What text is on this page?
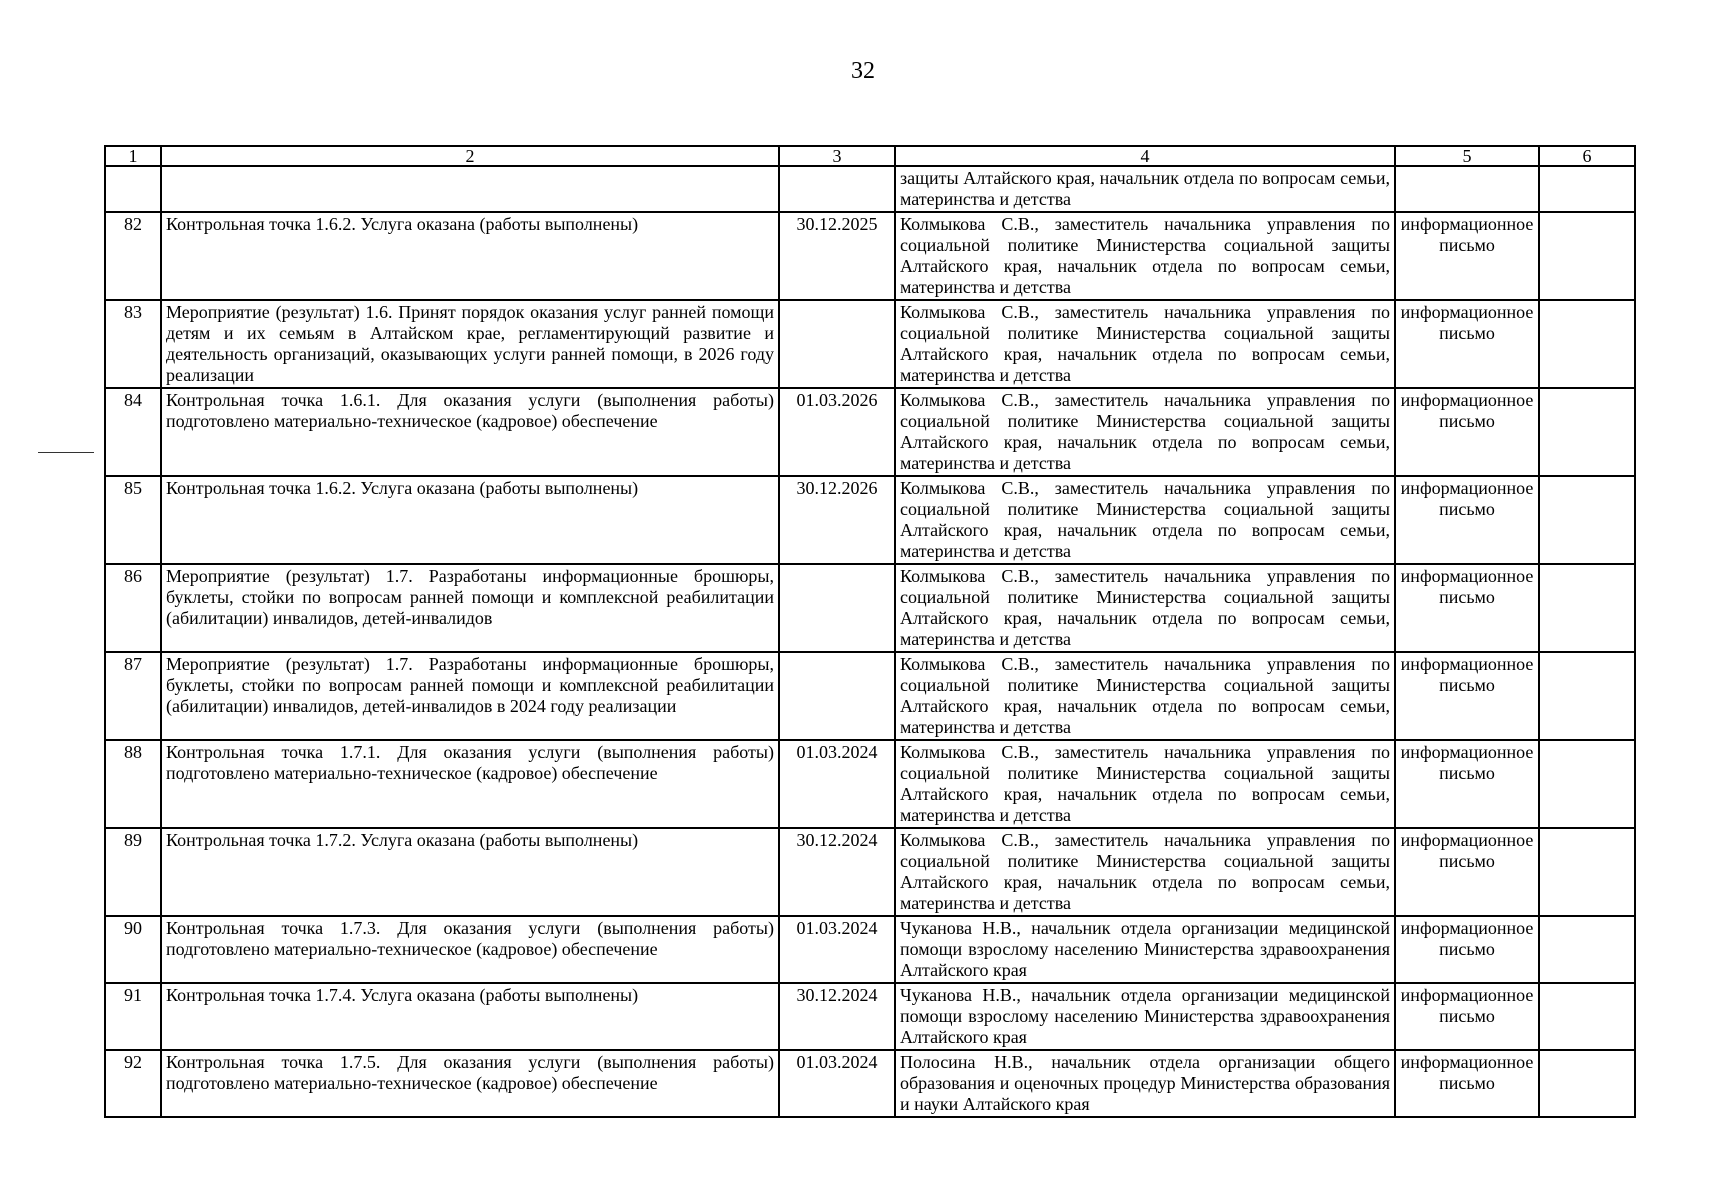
32
1	2	3	4	5	6
			защиты Алтайского края, начальник отдела по вопросам семьи, материнства и детства		
82	Контрольная точка 1.6.2. Услуга оказана (работы выполнены)	30.12.2025	Колмыкова С.В., заместитель начальника управления по социальной политике Министерства социальной защиты Алтайского края, начальник отдела по вопросам семьи, материнства и детства	информационное письмо	
83	Мероприятие (результат) 1.6. Принят порядок оказания услуг ранней помощи детям и их семьям в Алтайском крае, регламентирующий развитие и деятельность организаций, оказывающих услуги ранней помощи, в 2026 году реализации		Колмыкова С.В., заместитель начальника управления по социальной политике Министерства социальной защиты Алтайского края, начальник отдела по вопросам семьи, материнства и детства	информационное письмо	
84	Контрольная точка 1.6.1. Для оказания услуги (выполнения работы) подготовлено материально-техническое (кадровое) обеспечение	01.03.2026	Колмыкова С.В., заместитель начальника управления по социальной политике Министерства социальной защиты Алтайского края, начальник отдела по вопросам семьи, материнства и детства	информационное письмо	
85	Контрольная точка 1.6.2. Услуга оказана (работы выполнены)	30.12.2026	Колмыкова С.В., заместитель начальника управления по социальной политике Министерства социальной защиты Алтайского края, начальник отдела по вопросам семьи, материнства и детства	информационное письмо	
86	Мероприятие (результат) 1.7. Разработаны информационные брошюры, буклеты, стойки по вопросам ранней помощи и комплексной реабилитации (абилитации) инвалидов, детей-инвалидов		Колмыкова С.В., заместитель начальника управления по социальной политике Министерства социальной защиты Алтайского края, начальник отдела по вопросам семьи, материнства и детства	информационное письмо	
87	Мероприятие (результат) 1.7. Разработаны информационные брошюры, буклеты, стойки по вопросам ранней помощи и комплексной реабилитации (абилитации) инвалидов, детей-инвалидов в 2024 году реализации		Колмыкова С.В., заместитель начальника управления по социальной политике Министерства социальной защиты Алтайского края, начальник отдела по вопросам семьи, материнства и детства	информационное письмо	
88	Контрольная точка 1.7.1. Для оказания услуги (выполнения работы) подготовлено материально-техническое (кадровое) обеспечение	01.03.2024	Колмыкова С.В., заместитель начальника управления по социальной политике Министерства социальной защиты Алтайского края, начальник отдела по вопросам семьи, материнства и детства	информационное письмо	
89	Контрольная точка 1.7.2. Услуга оказана (работы выполнены)	30.12.2024	Колмыкова С.В., заместитель начальника управления по социальной политике Министерства социальной защиты Алтайского края, начальник отдела по вопросам семьи, материнства и детства	информационное письмо	
90	Контрольная точка 1.7.3. Для оказания услуги (выполнения работы) подготовлено материально-техническое (кадровое) обеспечение	01.03.2024	Чуканова Н.В., начальник отдела организации медицинской помощи взрослому населению Министерства здравоохранения Алтайского края	информационное письмо	
91	Контрольная точка 1.7.4. Услуга оказана (работы выполнены)	30.12.2024	Чуканова Н.В., начальник отдела организации медицинской помощи взрослому населению Министерства здравоохранения Алтайского края	информационное письмо	
92	Контрольная точка 1.7.5. Для оказания услуги (выполнения работы) подготовлено материально-техническое (кадровое) обеспечение	01.03.2024	Полосина Н.В., начальник отдела организации общего образования и оценочных процедур Министерства образования и науки Алтайского края	информационное письмо	
